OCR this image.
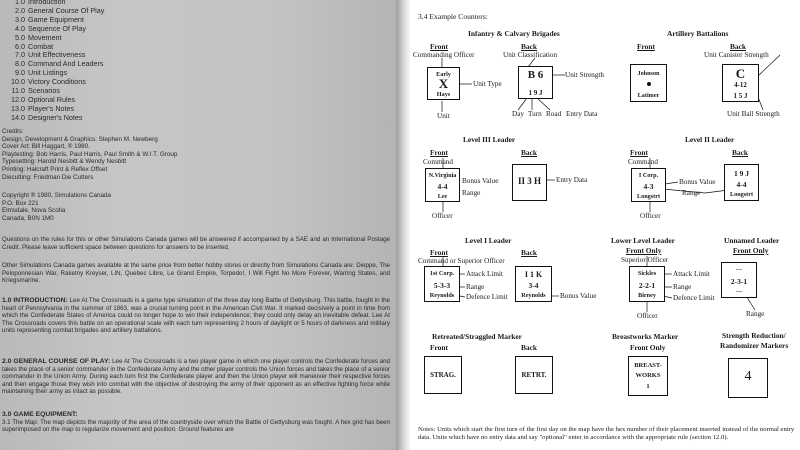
1.0 Introduction
2.0 General Course Of Play
3.0 Game Equipment
4.0 Sequence Of Play
5.0 Movement
6.0 Combat
7.0 Unit Effectiveness
8.0 Command And Leaders
9.0 Unit Listings
10.0 Victory Conditions
11.0 Scenarios
12.0 Optional Rules
13.0 Player's Notes
14.0 Designer's Notes
Credits:
Design, Development & Graphics: Stephen M. Newberg
Cover Art: Bill Haggart, ® 1980.
Playtesting: Bob Harris, Paul Harris, Paul Smith & W.I.T. Group
Typesetting: Harold Nesbitt & Wendy Nesbitt
Printing: Halcraft Print & Reflex Offset
Diecutting: Friedman Die Cutters
Copyright ® 1980, Simulations Canada
P.O. Box 221
Elmsdale, Nova Scotia
Canada, B0N 1M0
Questions on the rules for this or other Simulations Canada games will be answered if accompanied by a SAE and an International Postage Credit. Please leave sufficient space between questions for answers to be inserted.
Other Simulations Canada games available at the same price from better hobby stores or directly from Simulations Canada are: Dieppe, The Peloponnesian War, Raketny Kreyser, LIN, Quebec Libre, Le Grand Empire, Torpedo!, I Will Fight No More Forever, Warring States, and Kriegsmarine.
1.0 INTRODUCTION: Lee At The Crossroads is a game type simulation of the three day long Battle of Gettysburg. This battle, fought in the heart of Pennsylvania in the summer of 1863, was a crucial turning point in the American Civil War. It marked decisively a point in time from which the Confederate States of America could no longer hope to win their independence; they could only delay an inevitable defeat. Lee At The Crossroads covers this battle on an operational scale with each turn representing 2 hours of daylight or 5 hours of darkness and military units representing combat brigades and artillery battalions.
2.0 GENERAL COURSE OF PLAY: Lee At The Crossroads is a two player game in which one player controls the Confederate forces and takes the place of a senior commander in the Confederate Army and the other player controls the Union forces and takes the place of a senior commander in the Union Army. During each turn first the Confederate player and then the Union player will maneuver their respective forces and then engage those they wish into combat with the objective of destroying the army of their opponent as an effective fighting force while maintaining their army as intact as possible.
3.0 GAME EQUIPMENT:
3.1 The Map: The map depicts the majority of the area of the countryside over which the Battle of Gettysburg was fought. A hex grid has been superimposed on the map to regularize movement and position. Ground features are
3.4 Example Counters:
Infantry & Calvary Brigades
Front	Back
Commanding Officer	Unit Classification
Early
X
Hays
Unit Type
Unit
B 6
1 9 J
Unit Strength
Day Turn Road Entry Data
Artillery Battalions
Front	Back
Unit Canister Strength
Johnson
Latimer
C
4-12
1 5 J
Unit Ball Strength
Level III Leader
Front	Back
Command
N.Virginia
4-4
Lee
Bonus Value
Range
Officer
II 3 H	Entry Data
Level II Leader
Front	Back
Command
I Corp.
4-3
Longstrt
Bonus Value
Range
Officer
1 9 J
4-4
Longstrt
Level I Leader
Front	Back
Command or Superior Officer
1st Corp.
5-3-3
Reynolds
Attack Limit
Range
Defence Limit
I 1 K
3-4
Reynolds	Bonus Value
Lower Level Leader
Front Only
Superior Officer
Sickles
2-2-1
Birney
Attack Limit
Range
Defence Limit
Officer
Unnamed Leader
Front Only
---
2-3-1
---
Range
Retreated/Straggled Marker
Front	Back
STRAG.	RETRT.
Breastworks Marker
Front Only
BREAST-
WORKS
1
Strength Reduction/
Randomizer Markers
4
Notes: Units which start the first turn of the first day on the map have the hex number of their placement inserted instead of the normal entry data. Units which have no entry data and say "optional" enter in accordance with the appropriate rule (section 12.0).
